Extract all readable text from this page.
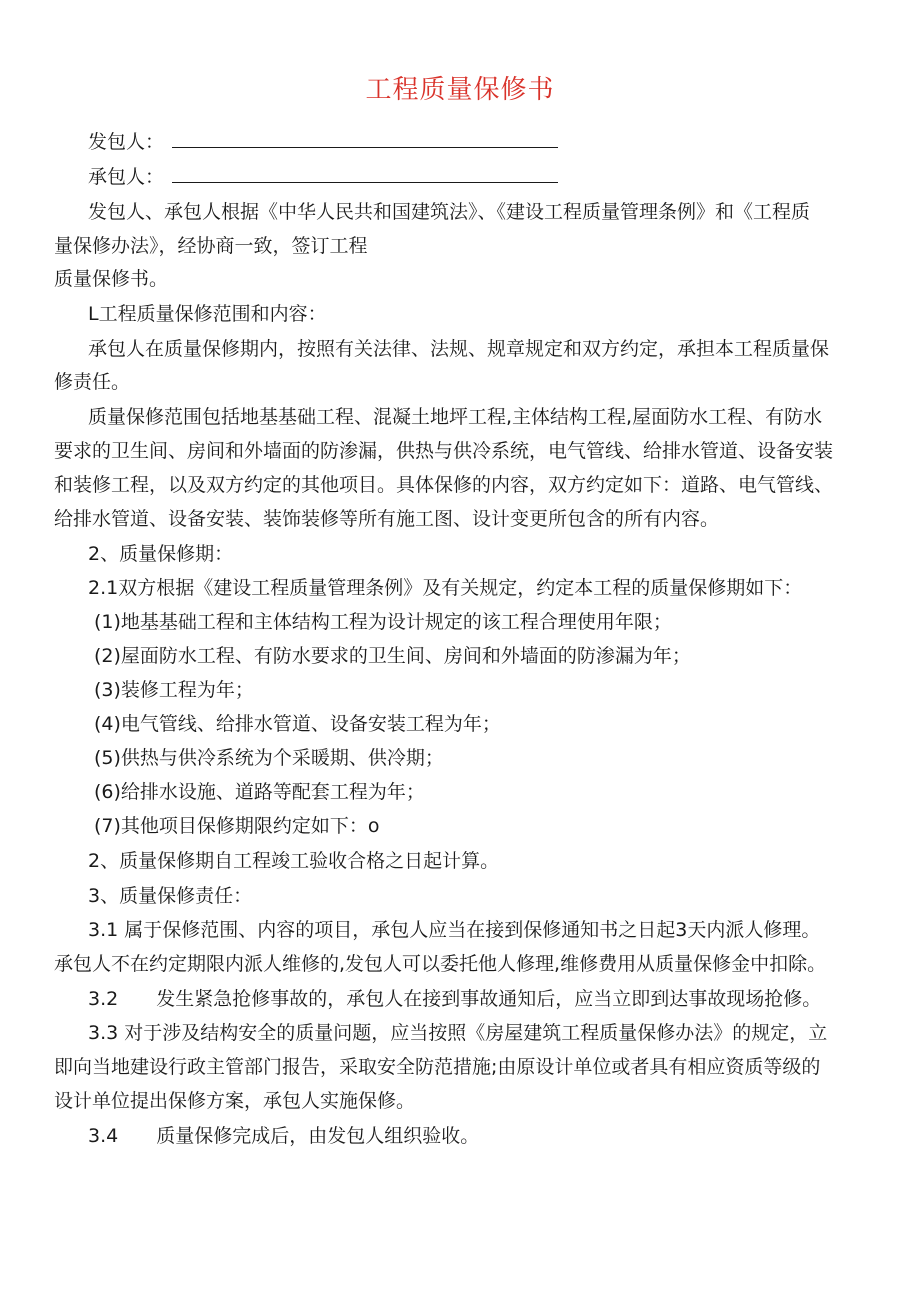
工程质量保修书
发包人：
承包人：
发包人、承包人根据《中华人民共和国建筑法》、《建设工程质量管理条例》和《工程质
量保修办法》，经协商一致，签订工程
质量保修书。
L工程质量保修范围和内容：
承包人在质量保修期内，按照有关法律、法规、规章规定和双方约定，承担本工程质量保
修责任。
质量保修范围包括地基基础工程、混凝土地坪工程,主体结构工程,屋面防水工程、有防水
要求的卫生间、房间和外墙面的防渗漏，供热与供冷系统，电气管线、给排水管道、设备安装
和装修工程，以及双方约定的其他项目。具体保修的内容，双方约定如下：道路、电气管线、
给排水管道、设备安装、装饰装修等所有施工图、设计变更所包含的所有内容。
2、质量保修期：
2.1双方根据《建设工程质量管理条例》及有关规定，约定本工程的质量保修期如下：
(1)地基基础工程和主体结构工程为设计规定的该工程合理使用年限；
(2)屋面防水工程、有防水要求的卫生间、房间和外墙面的防渗漏为年；
(3)装修工程为年；
(4)电气管线、给排水管道、设备安装工程为年；
(5)供热与供冷系统为个采暖期、供冷期；
(6)给排水设施、道路等配套工程为年；
(7)其他项目保修期限约定如下：o
2、质量保修期自工程竣工验收合格之日起计算。
3、质量保修责任：
3.1 属于保修范围、内容的项目，承包人应当在接到保修通知书之日起3天内派人修理。
承包人不在约定期限内派人维修的,发包人可以委托他人修理,维修费用从质量保修金中扣除。
3.2　　发生紧急抢修事故的，承包人在接到事故通知后，应当立即到达事故现场抢修。
3.3 对于涉及结构安全的质量问题，应当按照《房屋建筑工程质量保修办法》的规定，立
即向当地建设行政主管部门报告，采取安全防范措施;由原设计单位或者具有相应资质等级的
设计单位提出保修方案，承包人实施保修。
3.4　　质量保修完成后，由发包人组织验收。
